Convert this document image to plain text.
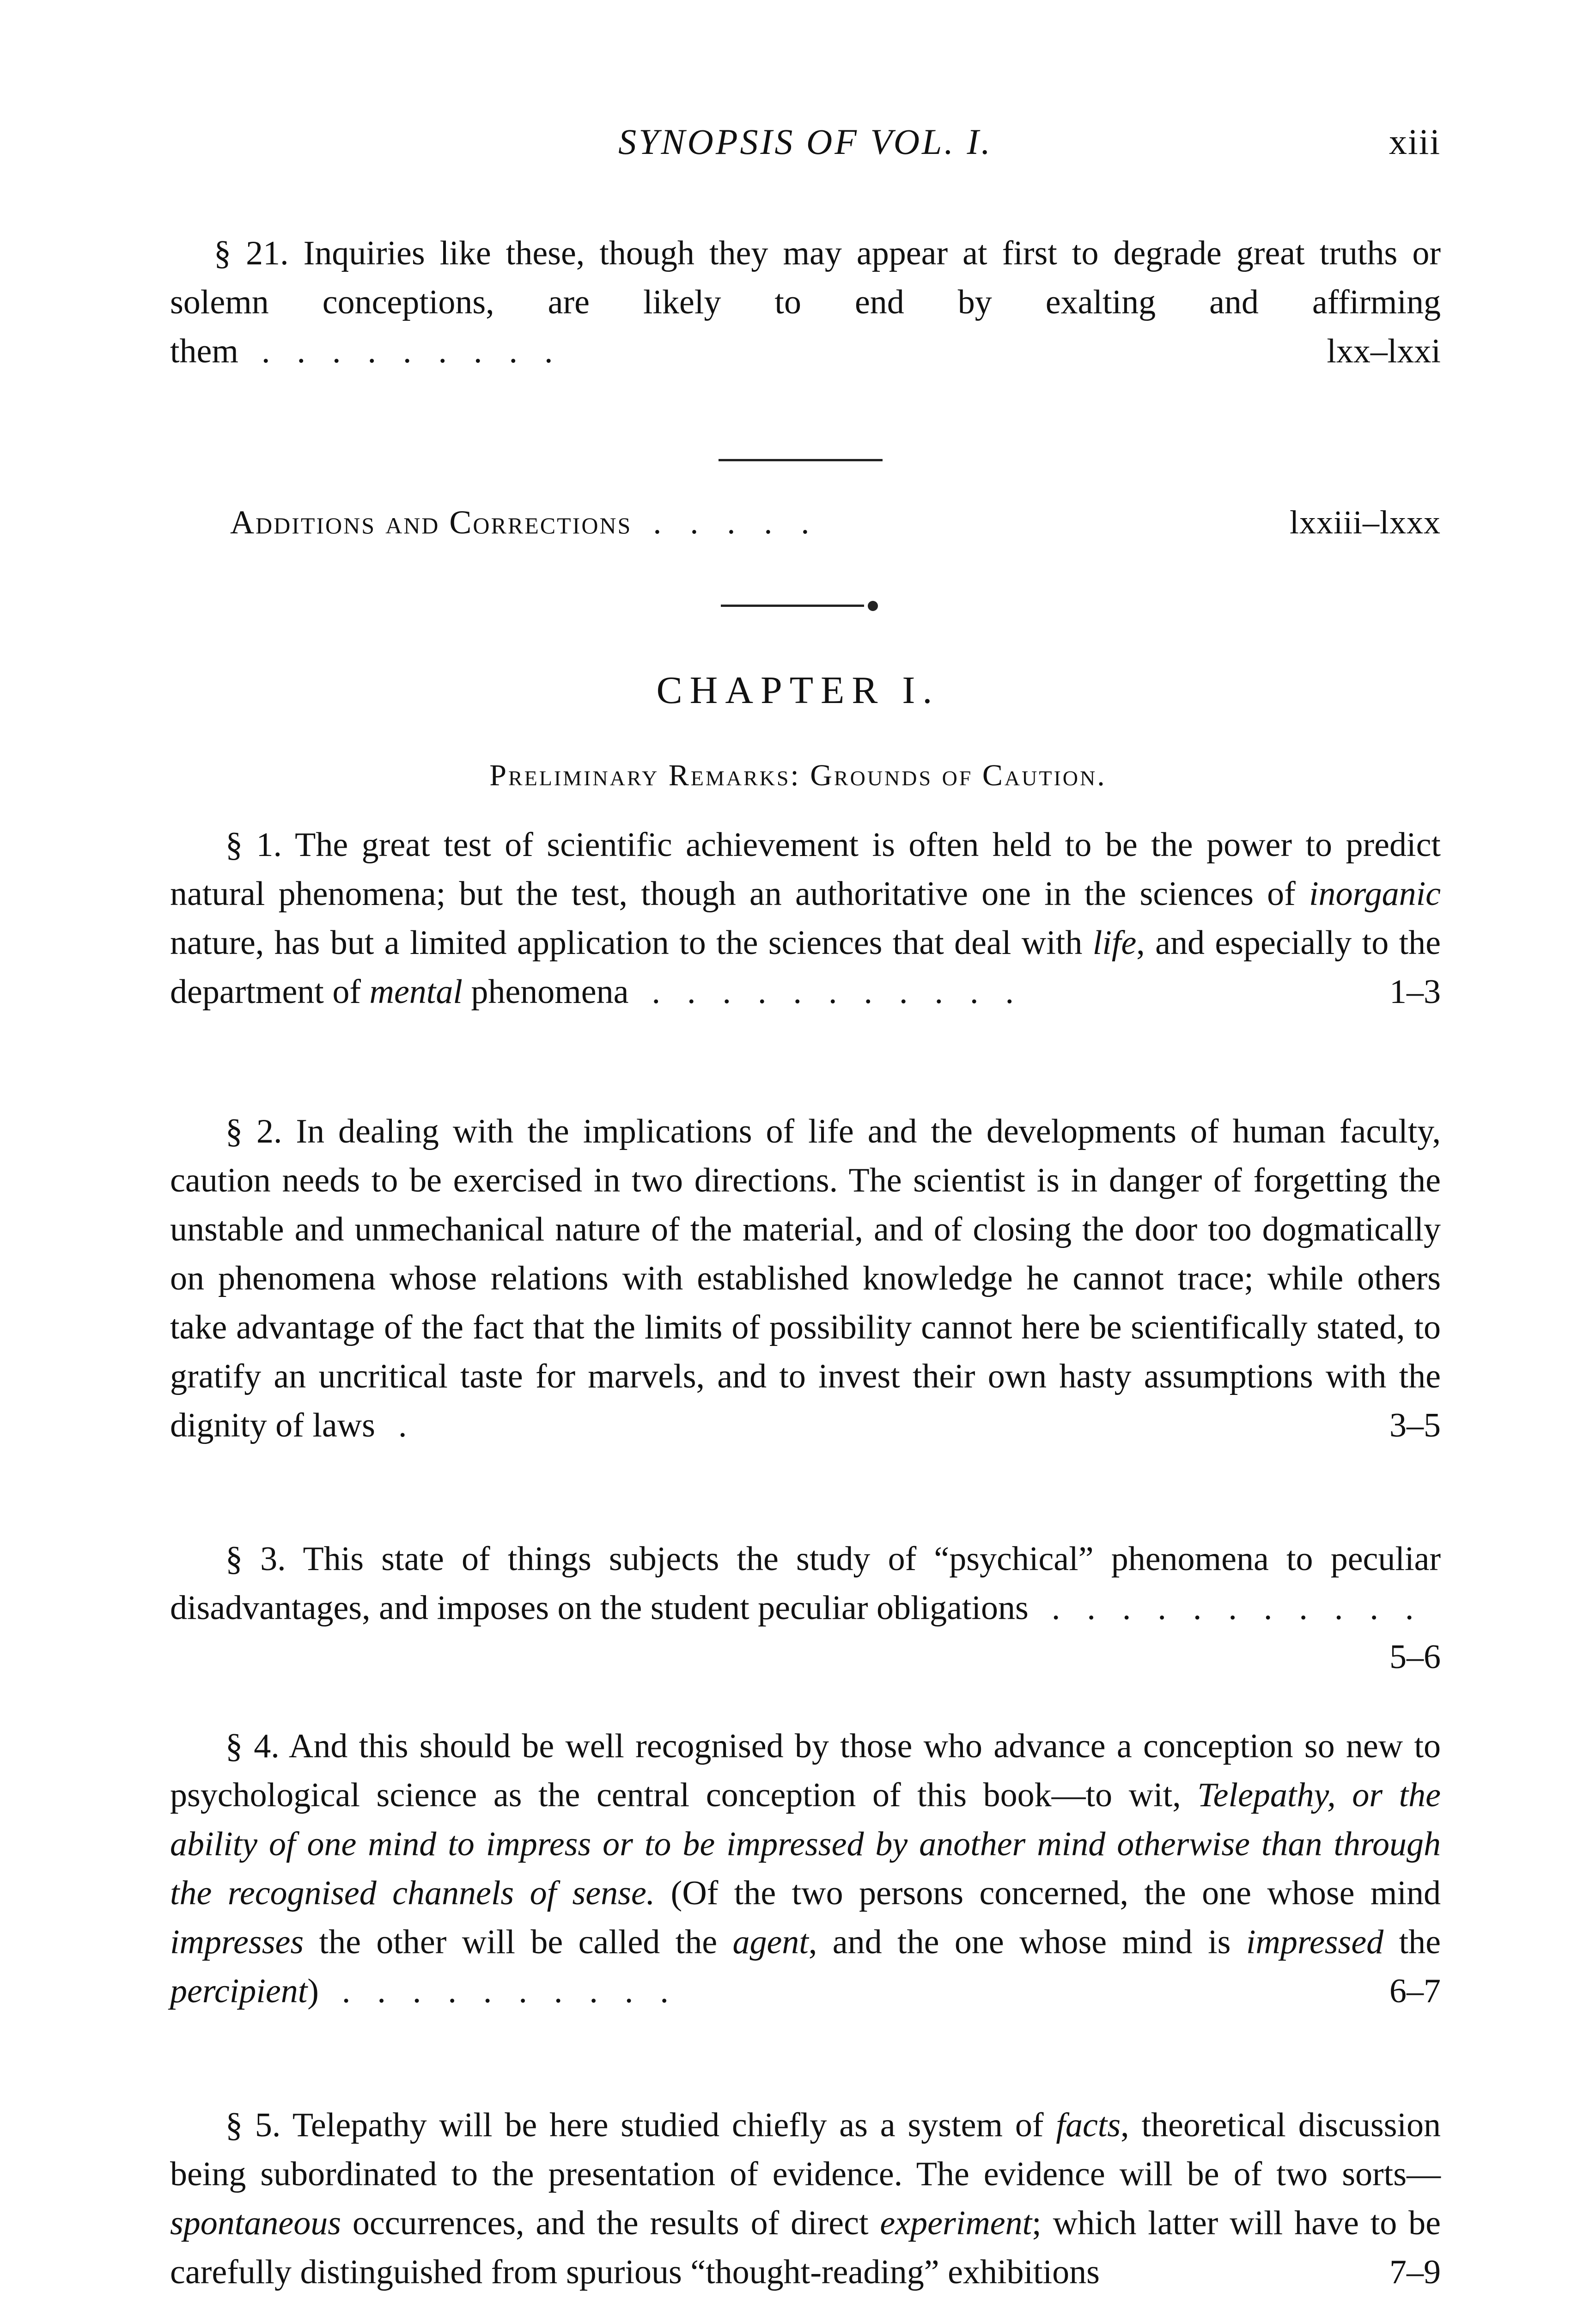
SYNOPSIS OF VOL. I.	xiii

§ 21. Inquiries like these, though they may appear at first to degrade great truths or solemn conceptions, are likely to end by exalting and affirming them .........	lxx–lxxi

Additions and Corrections .....	lxxiii–lxxx
CHAPTER I.
Preliminary Remarks: Grounds of Caution.

§ 1. The great test of scientific achievement is often held to be the power to predict natural phenomena; but the test, though an authoritative one in the sciences of inorganic nature, has but a limited application to the sciences that deal with life, and especially to the department of mental phenomena ...........	1–3

§ 2. In dealing with the implications of life and the developments of human faculty, caution needs to be exercised in two directions. The scientist is in danger of forgetting the unstable and unmechanical nature of the material, and of closing the door too dogmatically on phenomena whose relations with established knowledge he cannot trace; while others take advantage of the fact that the limits of possibility cannot here be scientifically stated, to gratify an uncritical taste for marvels, and to invest their own hasty assumptions with the dignity of laws .	3–5

§ 3. This state of things subjects the study of “psychical” phenomena to peculiar disadvantages, and imposes on the student peculiar obligations ...........
5–6

§ 4. And this should be well recognised by those who advance a conception so new to psychological science as the central conception of this book—to wit, Telepathy, or the ability of one mind to impress or to be impressed by another mind otherwise than through the recognised channels of sense. (Of the two persons concerned, the one whose mind impresses the other will be called the agent, and the one whose mind is impressed the percipient) ..........	6–7

§ 5. Telepathy will be here studied chiefly as a system of facts, theoretical discussion being subordinated to the presentation of evidence. The evidence will be of two sorts—spontaneous occurrences, and the results of direct experiment; which latter will have to be carefully distinguished from spurious “thought-reading” exhibitions	7–9
